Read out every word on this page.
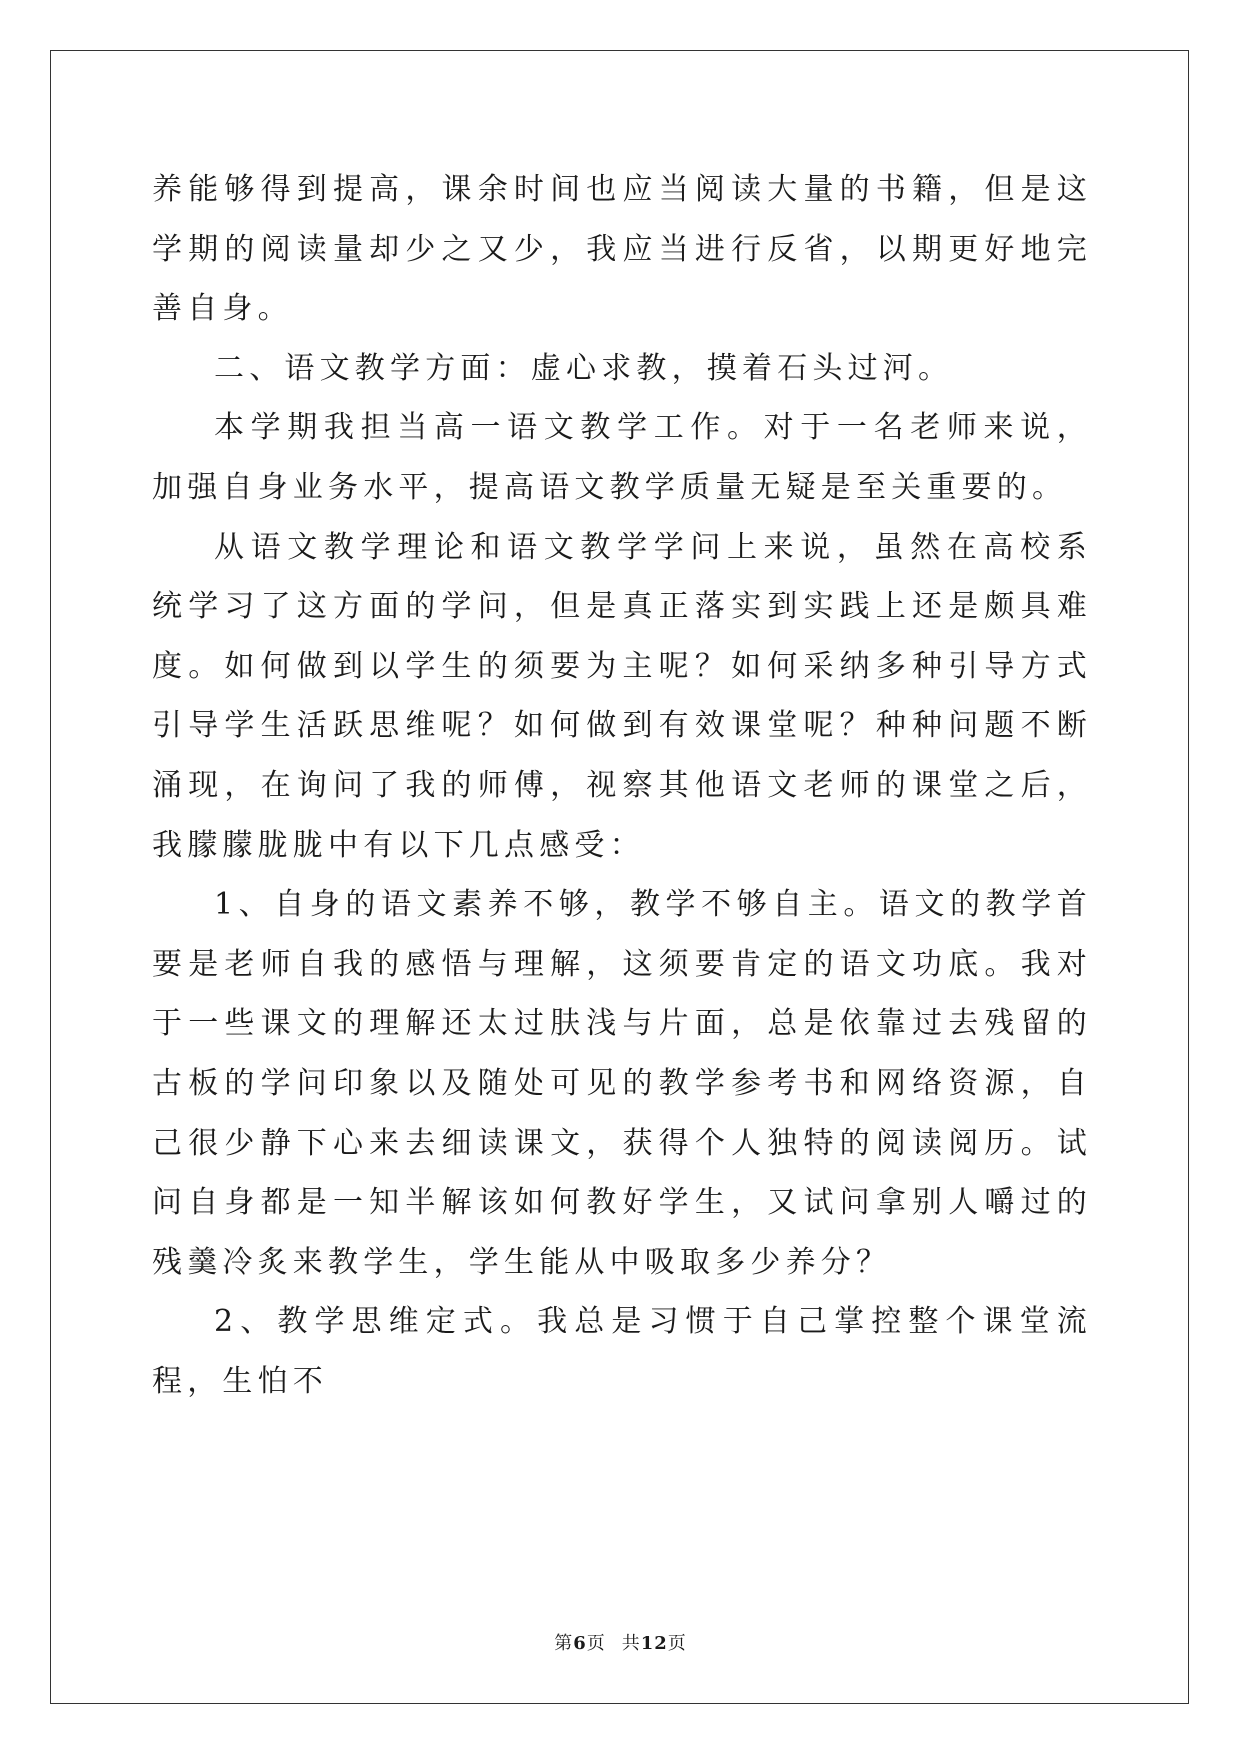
养能够得到提高，课余时间也应当阅读大量的书籍，但是这学期的阅读量却少之又少，我应当进行反省，以期更好地完善自身。

二、语文教学方面：虚心求教，摸着石头过河。

本学期我担当高一语文教学工作。对于一名老师来说，加强自身业务水平，提高语文教学质量无疑是至关重要的。

从语文教学理论和语文教学学问上来说，虽然在高校系统学习了这方面的学问，但是真正落实到实践上还是颇具难度。如何做到以学生的须要为主呢？如何采纳多种引导方式引导学生活跃思维呢？如何做到有效课堂呢？种种问题不断涌现，在询问了我的师傅，视察其他语文老师的课堂之后，我朦朦胧胧中有以下几点感受：

1、自身的语文素养不够，教学不够自主。语文的教学首要是老师自我的感悟与理解，这须要肯定的语文功底。我对于一些课文的理解还太过肤浅与片面，总是依靠过去残留的古板的学问印象以及随处可见的教学参考书和网络资源，自己很少静下心来去细读课文，获得个人独特的阅读阅历。试问自身都是一知半解该如何教好学生，又试问拿别人嚼过的残羹冷炙来教学生，学生能从中吸取多少养分？

2、教学思维定式。我总是习惯于自己掌控整个课堂流程，生怕不

第6页 共12页
